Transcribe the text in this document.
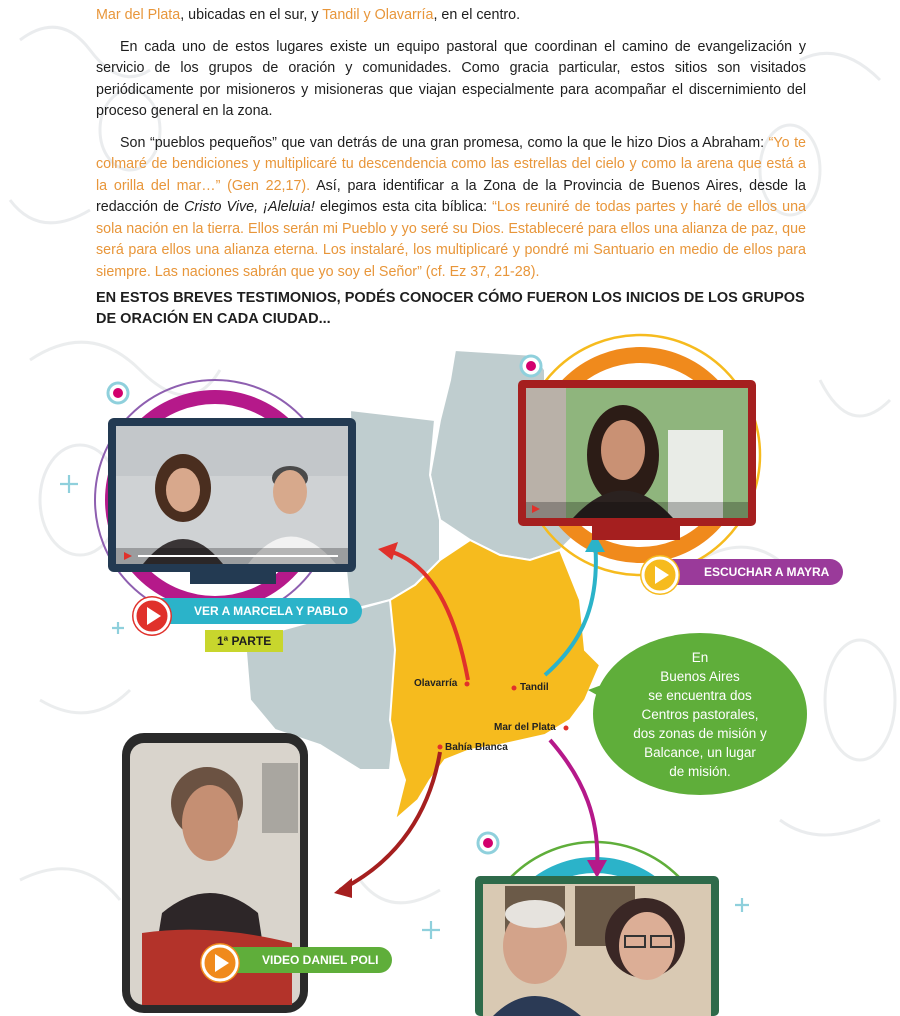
Mar del Plata, ubicadas en el sur, y Tandil y Olavarría, en el centro.

En cada uno de estos lugares existe un equipo pastoral que coordinan el camino de evangelización y servicio de los grupos de oración y comunidades. Como gracia particular, estos sitios son visitados periódicamente por misioneros y misioneras que viajan especialmente para acompañar el discernimiento del proceso general en la zona.

Son “pueblos pequeños” que van detrás de una gran promesa, como la que le hizo Dios a Abraham: “Yo te colmaré de bendiciones y multiplicaré tu descendencia como las estrellas del cielo y como la arena que está a la orilla del mar…” (Gen 22,17). Así, para identificar a la Zona de la Provincia de Buenos Aires, desde la redacción de Cristo Vive, ¡Aleluia! elegimos esta cita bíblica: “Los reuniré de todas partes y haré de ellos una sola nación en la tierra. Ellos serán mi Pueblo y yo seré su Dios. Estableceré para ellos una alianza de paz, que será para ellos una alianza eterna. Los instalaré, los multiplicaré y pondré mi Santuario en medio de ellos para siempre. Las naciones sabrán que yo soy el Señor” (cf. Ez 37, 21-28).

EN ESTOS BREVES TESTIMONIOS, PODÉS CONOCER CÓMO FUERON LOS INICIOS DE LOS GRUPOS DE ORACIÓN EN CADA CIUDAD...
Olavarría	Tandil
Mar del Plata
Bahía Blanca
VER A MARCELA Y PABLO
1ª PARTE
ESCUCHAR A MAYRA
VIDEO DANIEL POLI
En
Buenos Aires
se encuentra dos
Centros pastorales,
dos zonas de misión y
Balcance, un lugar
de misión.
